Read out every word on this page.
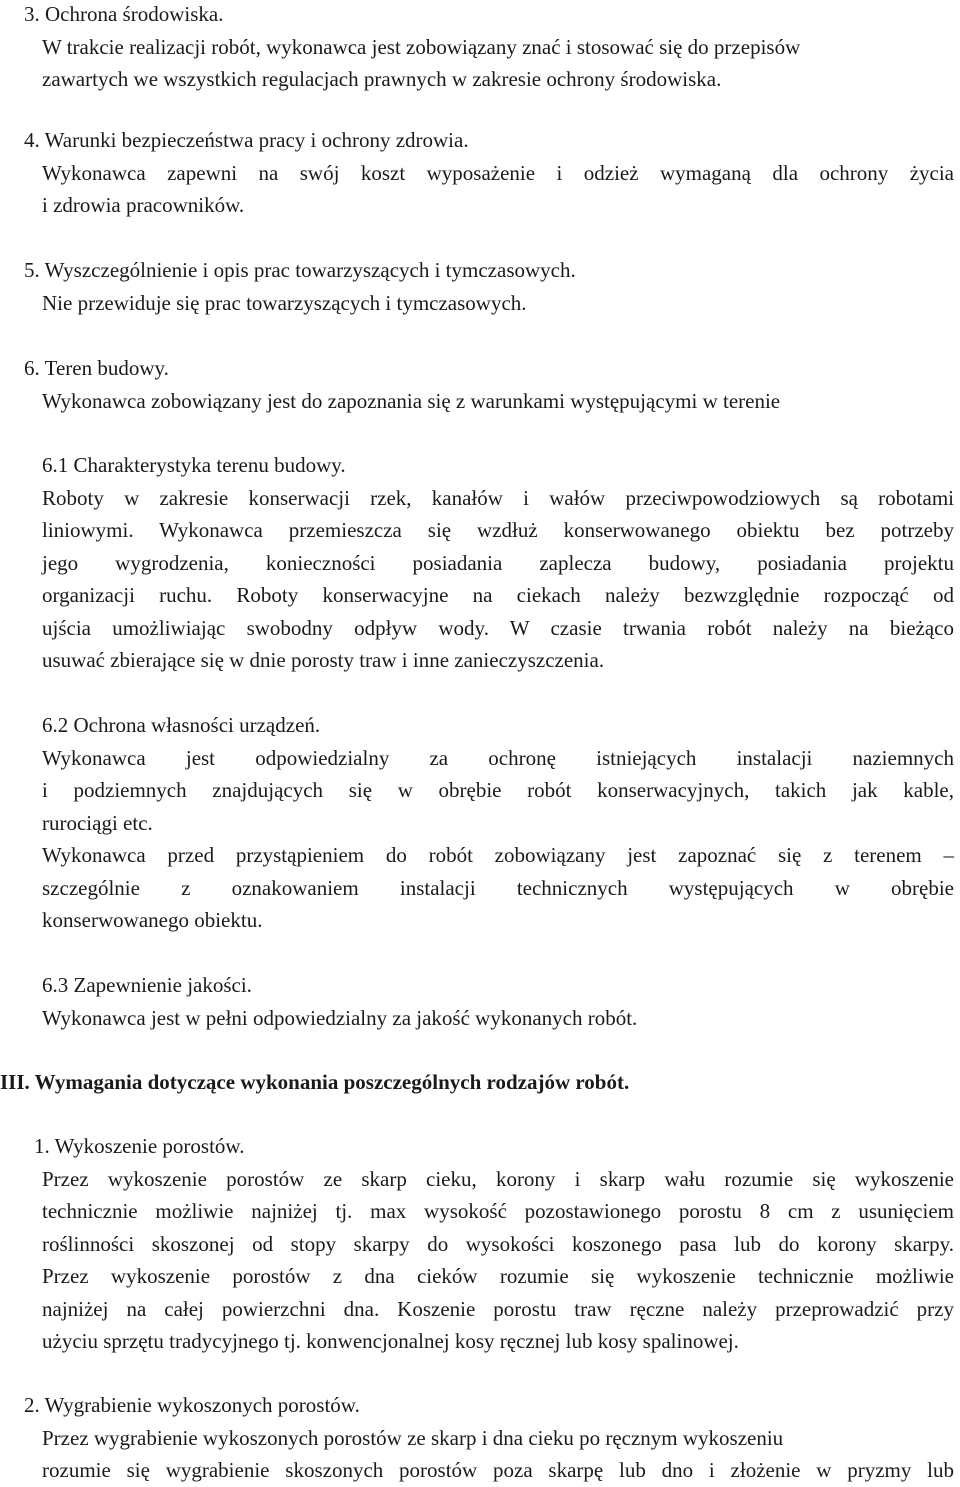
3. Ochrona środowiska.
W trakcie realizacji robót, wykonawca jest zobowiązany znać i stosować się do przepisów
zawartych we wszystkich regulacjach prawnych w zakresie ochrony środowiska.
4. Warunki bezpieczeństwa pracy i ochrony zdrowia.
Wykonawca zapewni na swój koszt wyposażenie i odzież wymaganą dla ochrony życia
i zdrowia pracowników.
5. Wyszczególnienie i opis prac towarzyszących i tymczasowych.
Nie przewiduje się prac towarzyszących i tymczasowych.
6. Teren budowy.
Wykonawca zobowiązany jest do zapoznania się z warunkami występującymi w terenie
6.1 Charakterystyka terenu budowy.
Roboty w zakresie konserwacji rzek, kanałów i wałów przeciwpowodziowych są robotami
liniowymi. Wykonawca przemieszcza się wzdłuż konserwowanego obiektu bez potrzeby
jego wygrodzenia, konieczności posiadania zaplecza budowy, posiadania projektu
organizacji ruchu. Roboty konserwacyjne na ciekach należy bezwzględnie rozpocząć od
ujścia umożliwiając swobodny odpływ wody. W czasie trwania robót należy na bieżąco
usuwać zbierające się w dnie porosty traw i inne zanieczyszczenia.
6.2 Ochrona własności urządzeń.
Wykonawca jest odpowiedzialny za ochronę istniejących instalacji naziemnych
i podziemnych znajdujących się w obrębie robót konserwacyjnych, takich jak kable,
rurociągi etc.
Wykonawca przed przystąpieniem do robót zobowiązany jest zapoznać się z terenem –
szczególnie z oznakowaniem instalacji technicznych występujących w obrębie
konserwowanego obiektu.
6.3 Zapewnienie jakości.
Wykonawca jest w pełni odpowiedzialny za jakość wykonanych robót.
III. Wymagania dotyczące wykonania poszczególnych rodzajów robót.
1. Wykoszenie porostów.
Przez wykoszenie porostów ze skarp cieku, korony i skarp wału rozumie się wykoszenie
technicznie możliwie najniżej tj. max wysokość pozostawionego porostu 8 cm z usunięciem
roślinności skoszonej od stopy skarpy do wysokości koszonego pasa lub do korony skarpy.
Przez wykoszenie porostów z dna cieków rozumie się wykoszenie technicznie możliwie
najniżej na całej powierzchni dna. Koszenie porostu traw ręczne należy przeprowadzić przy
użyciu sprzętu tradycyjnego tj. konwencjonalnej kosy ręcznej lub kosy spalinowej.
2. Wygrabienie wykoszonych porostów.
Przez wygrabienie wykoszonych porostów ze skarp i dna cieku po ręcznym wykoszeniu
rozumie się wygrabienie skoszonych porostów poza skarpę lub dno i złożenie w pryzmy lub
